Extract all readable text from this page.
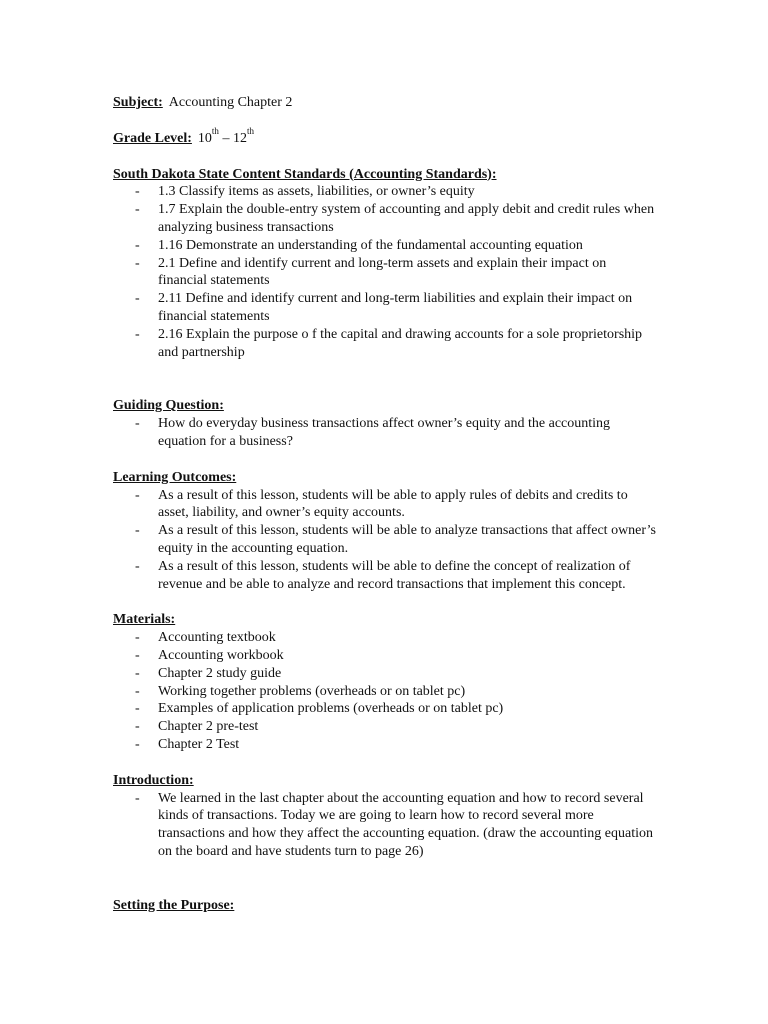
Subject: Accounting Chapter 2

Grade Level: 10th – 12th

South Dakota State Content Standards (Accounting Standards):

- 1.3 Classify items as assets, liabilities, or owner’s equity
- 1.7 Explain the double-entry system of accounting and apply debit and credit rules when analyzing business transactions
- 1.16 Demonstrate an understanding of the fundamental accounting equation
- 2.1 Define and identify current and long-term assets and explain their impact on financial statements
- 2.11 Define and identify current and long-term liabilities and explain their impact on financial statements
- 2.16 Explain the purpose o f the capital and drawing accounts for a sole proprietorship and partnership

Guiding Question:

- How do everyday business transactions affect owner’s equity and the accounting equation for a business?

Learning Outcomes:

- As a result of this lesson, students will be able to apply rules of debits and credits to asset, liability, and owner’s equity accounts.
- As a result of this lesson, students will be able to analyze transactions that affect owner’s equity in the accounting equation.
- As a result of this lesson, students will be able to define the concept of realization of revenue and be able to analyze and record transactions that implement this concept.

Materials:

- Accounting textbook
- Accounting workbook
- Chapter 2 study guide
- Working together problems (overheads or on tablet pc)
- Examples of application problems (overheads or on tablet pc)
- Chapter 2 pre-test
- Chapter 2 Test

Introduction:

- We learned in the last chapter about the accounting equation and how to record several kinds of transactions. Today we are going to learn how to record several more transactions and how they affect the accounting equation. (draw the accounting equation on the board and have students turn to page 26)

Setting the Purpose:
